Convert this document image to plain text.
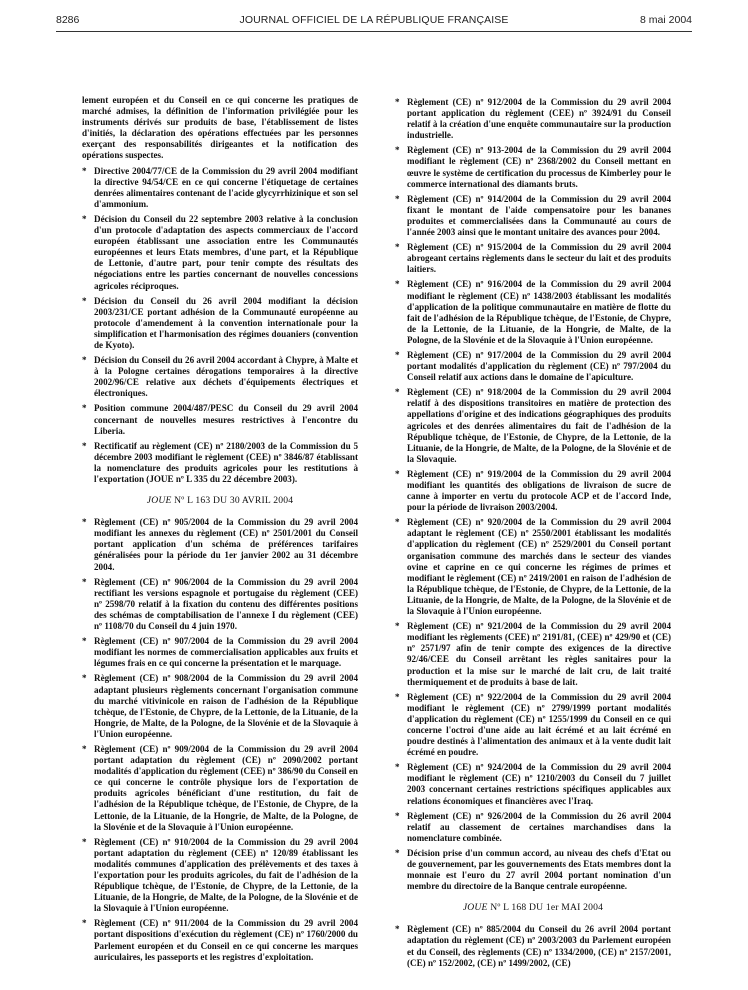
8286	JOURNAL OFFICIEL DE LA RÉPUBLIQUE FRANÇAISE	8 mai 2004
lement européen et du Conseil en ce qui concerne les pratiques de marché admises, la définition de l'information privilégiée pour les instruments dérivés sur produits de base, l'établissement de listes d'initiés, la déclaration des opérations effectuées par les personnes exerçant des responsabilités dirigeantes et la notification des opérations suspectes.
* Directive 2004/77/CE de la Commission du 29 avril 2004 modifiant la directive 94/54/CE en ce qui concerne l'étiquetage de certaines denrées alimentaires contenant de l'acide glycyrrhizinique et son sel d'ammonium.
* Décision du Conseil du 22 septembre 2003 relative à la conclusion d'un protocole d'adaptation des aspects commerciaux de l'accord européen établissant une association entre les Communautés européennes et leurs Etats membres, d'une part, et la République de Lettonie, d'autre part, pour tenir compte des résultats des négociations entre les parties concernant de nouvelles concessions agricoles réciproques.
* Décision du Conseil du 26 avril 2004 modifiant la décision 2003/231/CE portant adhésion de la Communauté européenne au protocole d'amendement à la convention internationale pour la simplification et l'harmonisation des régimes douaniers (convention de Kyoto).
* Décision du Conseil du 26 avril 2004 accordant à Chypre, à Malte et à la Pologne certaines dérogations temporaires à la directive 2002/96/CE relative aux déchets d'équipements électriques et électroniques.
* Position commune 2004/487/PESC du Conseil du 29 avril 2004 concernant de nouvelles mesures restrictives à l'encontre du Liberia.
* Rectificatif au règlement (CE) nº 2180/2003 de la Commission du 5 décembre 2003 modifiant le règlement (CEE) nº 3846/87 établissant la nomenclature des produits agricoles pour les restitutions à l'exportation (JOUE nº L 335 du 22 décembre 2003).
JOUE Nº L 163 DU 30 AVRIL 2004
* Règlement (CE) nº 905/2004 de la Commission du 29 avril 2004 modifiant les annexes du règlement (CE) nº 2501/2001 du Conseil portant application d'un schéma de préférences tarifaires généralisées pour la période du 1er janvier 2002 au 31 décembre 2004.
* Règlement (CE) nº 906/2004 de la Commission du 29 avril 2004 rectifiant les versions espagnole et portugaise du règlement (CEE) nº 2598/70 relatif à la fixation du contenu des différentes positions des schémas de comptabilisation de l'annexe I du règlement (CEE) nº 1108/70 du Conseil du 4 juin 1970.
* Règlement (CE) nº 907/2004 de la Commission du 29 avril 2004 modifiant les normes de commercialisation applicables aux fruits et légumes frais en ce qui concerne la présentation et le marquage.
* Règlement (CE) nº 908/2004 de la Commission du 29 avril 2004 adaptant plusieurs règlements concernant l'organisation commune du marché vitivinicole en raison de l'adhésion de la République tchèque, de l'Estonie, de Chypre, de la Lettonie, de la Lituanie, de la Hongrie, de Malte, de la Pologne, de la Slovénie et de la Slovaquie à l'Union européenne.
* Règlement (CE) nº 909/2004 de la Commission du 29 avril 2004 portant adaptation du règlement (CE) nº 2090/2002 portant modalités d'application du règlement (CEE) nº 386/90 du Conseil en ce qui concerne le contrôle physique lors de l'exportation de produits agricoles bénéficiant d'une restitution, du fait de l'adhésion de la République tchèque, de l'Estonie, de Chypre, de la Lettonie, de la Lituanie, de la Hongrie, de Malte, de la Pologne, de la Slovénie et de la Slovaquie à l'Union européenne.
* Règlement (CE) nº 910/2004 de la Commission du 29 avril 2004 portant adaptation du règlement (CEE) nº 120/89 établissant les modalités communes d'application des prélèvements et des taxes à l'exportation pour les produits agricoles, du fait de l'adhésion de la République tchèque, de l'Estonie, de Chypre, de la Lettonie, de la Lituanie, de la Hongrie, de Malte, de la Pologne, de la Slovénie et de la Slovaquie à l'Union européenne.
* Règlement (CE) nº 911/2004 de la Commission du 29 avril 2004 portant dispositions d'exécution du règlement (CE) nº 1760/2000 du Parlement européen et du Conseil en ce qui concerne les marques auriculaires, les passeports et les registres d'exploitation.
* Règlement (CE) nº 912/2004 de la Commission du 29 avril 2004 portant application du règlement (CEE) nº 3924/91 du Conseil relatif à la création d'une enquête communautaire sur la production industrielle.
* Règlement (CE) nº 913-2004 de la Commission du 29 avril 2004 modifiant le règlement (CE) nº 2368/2002 du Conseil mettant en œuvre le système de certification du processus de Kimberley pour le commerce international des diamants bruts.
* Règlement (CE) nº 914/2004 de la Commission du 29 avril 2004 fixant le montant de l'aide compensatoire pour les bananes produites et commercialisées dans la Communauté au cours de l'année 2003 ainsi que le montant unitaire des avances pour 2004.
* Règlement (CE) nº 915/2004 de la Commission du 29 avril 2004 abrogeant certains règlements dans le secteur du lait et des produits laitiers.
* Règlement (CE) nº 916/2004 de la Commission du 29 avril 2004 modifiant le règlement (CE) nº 1438/2003 établissant les modalités d'application de la politique communautaire en matière de flotte du fait de l'adhésion de la République tchèque, de l'Estonie, de Chypre, de la Lettonie, de la Lituanie, de la Hongrie, de Malte, de la Pologne, de la Slovénie et de la Slovaquie à l'Union européenne.
* Règlement (CE) nº 917/2004 de la Commission du 29 avril 2004 portant modalités d'application du règlement (CE) nº 797/2004 du Conseil relatif aux actions dans le domaine de l'apiculture.
* Règlement (CE) nº 918/2004 de la Commission du 29 avril 2004 relatif à des dispositions transitoires en matière de protection des appellations d'origine et des indications géographiques des produits agricoles et des denrées alimentaires du fait de l'adhésion de la République tchèque, de l'Estonie, de Chypre, de la Lettonie, de la Lituanie, de la Hongrie, de Malte, de la Pologne, de la Slovénie et de la Slovaquie.
* Règlement (CE) nº 919/2004 de la Commission du 29 avril 2004 modifiant les quantités des obligations de livraison de sucre de canne à importer en vertu du protocole ACP et de l'accord Inde, pour la période de livraison 2003/2004.
* Règlement (CE) nº 920/2004 de la Commission du 29 avril 2004 adaptant le règlement (CE) nº 2550/2001 établissant les modalités d'application du règlement (CE) nº 2529/2001 du Conseil portant organisation commune des marchés dans le secteur des viandes ovine et caprine en ce qui concerne les régimes de primes et modifiant le règlement (CE) nº 2419/2001 en raison de l'adhésion de la République tchèque, de l'Estonie, de Chypre, de la Lettonie, de la Lituanie, de la Hongrie, de Malte, de la Pologne, de la Slovénie et de la Slovaquie à l'Union européenne.
* Règlement (CE) nº 921/2004 de la Commission du 29 avril 2004 modifiant les règlements (CEE) nº 2191/81, (CEE) nº 429/90 et (CE) nº 2571/97 afin de tenir compte des exigences de la directive 92/46/CEE du Conseil arrêtant les règles sanitaires pour la production et la mise sur le marché de lait cru, de lait traité thermiquement et de produits à base de lait.
* Règlement (CE) nº 922/2004 de la Commission du 29 avril 2004 modifiant le règlement (CE) nº 2799/1999 portant modalités d'application du règlement (CE) nº 1255/1999 du Conseil en ce qui concerne l'octroi d'une aide au lait écrémé et au lait écrémé en poudre destinés à l'alimentation des animaux et à la vente dudit lait écrémé en poudre.
* Règlement (CE) nº 924/2004 de la Commission du 29 avril 2004 modifiant le règlement (CE) nº 1210/2003 du Conseil du 7 juillet 2003 concernant certaines restrictions spécifiques applicables aux relations économiques et financières avec l'Iraq.
* Règlement (CE) nº 926/2004 de la Commission du 26 avril 2004 relatif au classement de certaines marchandises dans la nomenclature combinée.
* Décision prise d'un commun accord, au niveau des chefs d'Etat ou de gouvernement, par les gouvernements des Etats membres dont la monnaie est l'euro du 27 avril 2004 portant nomination d'un membre du directoire de la Banque centrale européenne.
JOUE Nº L 168 DU 1er MAI 2004
* Règlement (CE) nº 885/2004 du Conseil du 26 avril 2004 portant adaptation du règlement (CE) nº 2003/2003 du Parlement européen et du Conseil, des règlements (CE) nº 1334/2000, (CE) nº 2157/2001, (CE) nº 152/2002, (CE) nº 1499/2002, (CE)
